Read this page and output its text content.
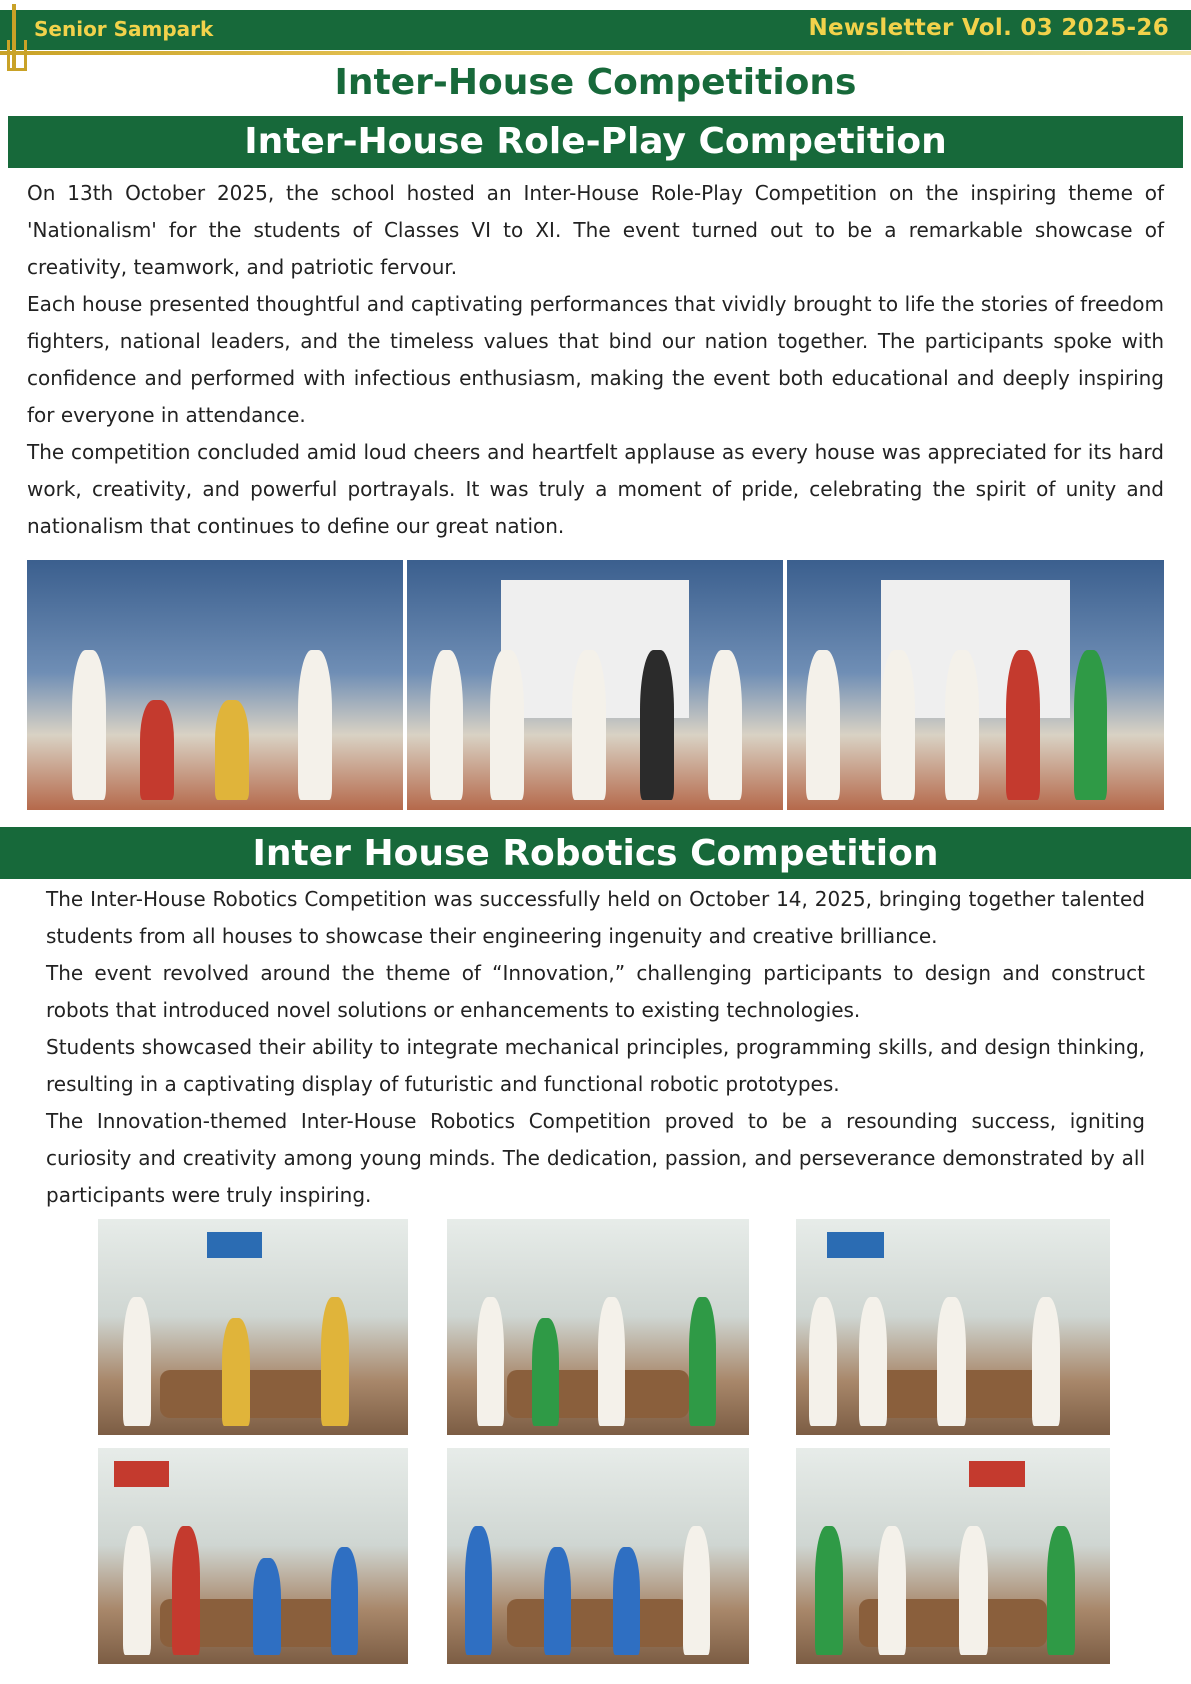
Senior Sampark	Newsletter Vol. 03 2025-26
Inter-House Competitions
Inter-House Role-Play Competition

On 13th October 2025, the school hosted an Inter-House Role-Play Competition on the inspiring theme of 'Nationalism' for the students of Classes VI to XI. The event turned out to be a remarkable showcase of creativity, teamwork, and patriotic fervour.

Each house presented thoughtful and captivating performances that vividly brought to life the stories of freedom fighters, national leaders, and the timeless values that bind our nation together. The participants spoke with confidence and performed with infectious enthusiasm, making the event both educational and deeply inspiring for everyone in attendance.

The competition concluded amid loud cheers and heartfelt applause as every house was appreciated for its hard work, creativity, and powerful portrayals. It was truly a moment of pride, celebrating the spirit of unity and nationalism that continues to define our great nation.

Inter House Robotics Competition

The Inter-House Robotics Competition was successfully held on October 14, 2025, bringing together talented students from all houses to showcase their engineering ingenuity and creative brilliance.

The event revolved around the theme of “Innovation,” challenging participants to design and construct robots that introduced novel solutions or enhancements to existing technologies.

Students showcased their ability to integrate mechanical principles, programming skills, and design thinking, resulting in a captivating display of futuristic and functional robotic prototypes.

The Innovation-themed Inter-House Robotics Competition proved to be a resounding success, igniting curiosity and creativity among young minds. The dedication, passion, and perseverance demonstrated by all participants were truly inspiring.
